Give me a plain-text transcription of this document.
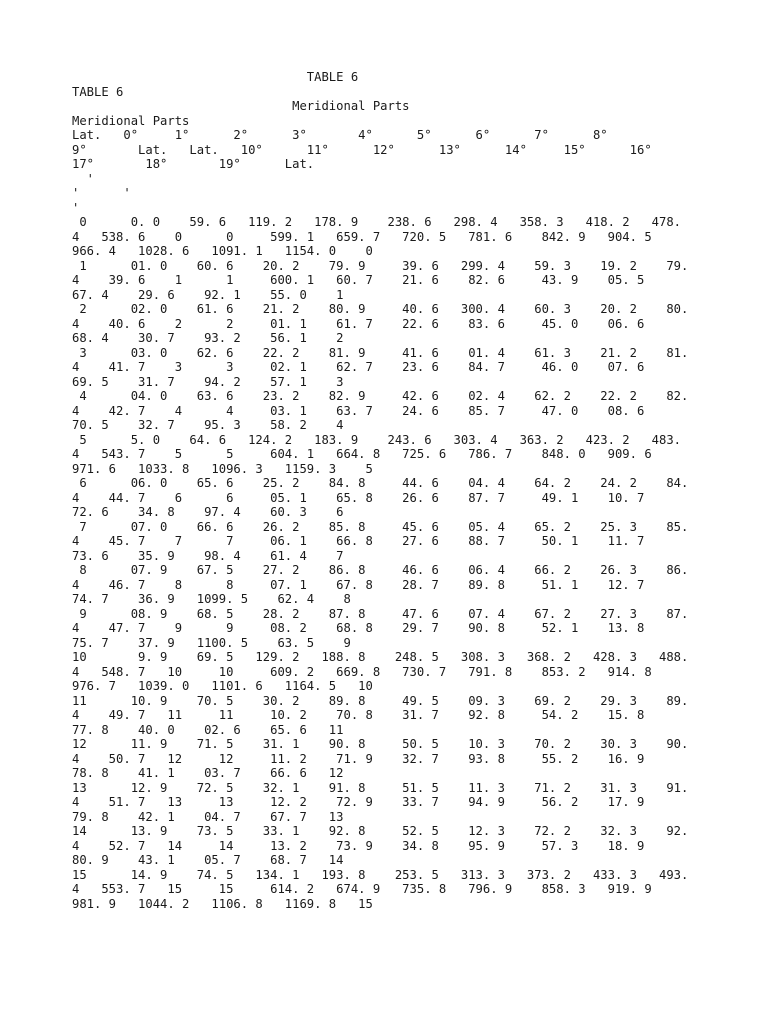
TABLE 6
TABLE 6
Meridional Parts
Meridional Parts
Lat.   0°     1°      2°      3°       4°      5°      6°      7°      8°
9°       Lat.   Lat.   10°      11°      12°      13°      14°     15°      16°
17°       18°       19°      Lat.
'
'      '
'
0      0. 0    59. 6   119. 2   178. 9    238. 6   298. 4   358. 3   418. 2   478.
4   538. 6    0      0     599. 1   659. 7   720. 5   781. 6    842. 9   904. 5
966. 4   1028. 6   1091. 1   1154. 0    0
1      01. 0    60. 6    20. 2    79. 9     39. 6   299. 4    59. 3    19. 2    79.
4    39. 6    1      1     600. 1   60. 7    21. 6    82. 6     43. 9    05. 5
67. 4    29. 6    92. 1    55. 0    1
2      02. 0    61. 6    21. 2    80. 9     40. 6   300. 4    60. 3    20. 2    80.
4    40. 6    2      2     01. 1    61. 7    22. 6    83. 6     45. 0    06. 6
68. 4    30. 7    93. 2    56. 1    2
3      03. 0    62. 6    22. 2    81. 9     41. 6    01. 4    61. 3    21. 2    81.
4    41. 7    3      3     02. 1    62. 7    23. 6    84. 7     46. 0    07. 6
69. 5    31. 7    94. 2    57. 1    3
4      04. 0    63. 6    23. 2    82. 9     42. 6    02. 4    62. 2    22. 2    82.
4    42. 7    4      4     03. 1    63. 7    24. 6    85. 7     47. 0    08. 6
70. 5    32. 7    95. 3    58. 2    4
5      5. 0    64. 6   124. 2   183. 9    243. 6   303. 4   363. 2   423. 2   483.
4   543. 7    5      5     604. 1   664. 8   725. 6   786. 7    848. 0   909. 6
971. 6   1033. 8   1096. 3   1159. 3    5
6      06. 0    65. 6    25. 2    84. 8     44. 6    04. 4    64. 2    24. 2    84.
4    44. 7    6      6     05. 1    65. 8    26. 6    87. 7     49. 1    10. 7
72. 6    34. 8    97. 4    60. 3    6
7      07. 0    66. 6    26. 2    85. 8     45. 6    05. 4    65. 2    25. 3    85.
4    45. 7    7      7     06. 1    66. 8    27. 6    88. 7     50. 1    11. 7
73. 6    35. 9    98. 4    61. 4    7
8      07. 9    67. 5    27. 2    86. 8     46. 6    06. 4    66. 2    26. 3    86.
4    46. 7    8      8     07. 1    67. 8    28. 7    89. 8     51. 1    12. 7
74. 7    36. 9   1099. 5    62. 4    8
9      08. 9    68. 5    28. 2    87. 8     47. 6    07. 4    67. 2    27. 3    87.
4    47. 7    9      9     08. 2    68. 8    29. 7    90. 8     52. 1    13. 8
75. 7    37. 9   1100. 5    63. 5    9
10       9. 9    69. 5   129. 2   188. 8    248. 5   308. 3   368. 2   428. 3   488.
4   548. 7   10     10     609. 2   669. 8   730. 7   791. 8    853. 2   914. 8
976. 7   1039. 0   1101. 6   1164. 5   10
11      10. 9    70. 5    30. 2    89. 8     49. 5    09. 3    69. 2    29. 3    89.
4    49. 7   11     11     10. 2    70. 8    31. 7    92. 8     54. 2    15. 8
77. 8    40. 0    02. 6    65. 6   11
12      11. 9    71. 5    31. 1    90. 8     50. 5    10. 3    70. 2    30. 3    90.
4    50. 7   12     12     11. 2    71. 9    32. 7    93. 8     55. 2    16. 9
78. 8    41. 1    03. 7    66. 6   12
13      12. 9    72. 5    32. 1    91. 8     51. 5    11. 3    71. 2    31. 3    91.
4    51. 7   13     13     12. 2    72. 9    33. 7    94. 9     56. 2    17. 9
79. 8    42. 1    04. 7    67. 7   13
14      13. 9    73. 5    33. 1    92. 8     52. 5    12. 3    72. 2    32. 3    92.
4    52. 7   14     14     13. 2    73. 9    34. 8    95. 9     57. 3    18. 9
80. 9    43. 1    05. 7    68. 7   14
15      14. 9    74. 5   134. 1   193. 8    253. 5   313. 3   373. 2   433. 3   493.
4   553. 7   15     15     614. 2   674. 9   735. 8   796. 9    858. 3   919. 9
981. 9   1044. 2   1106. 8   1169. 8   15
